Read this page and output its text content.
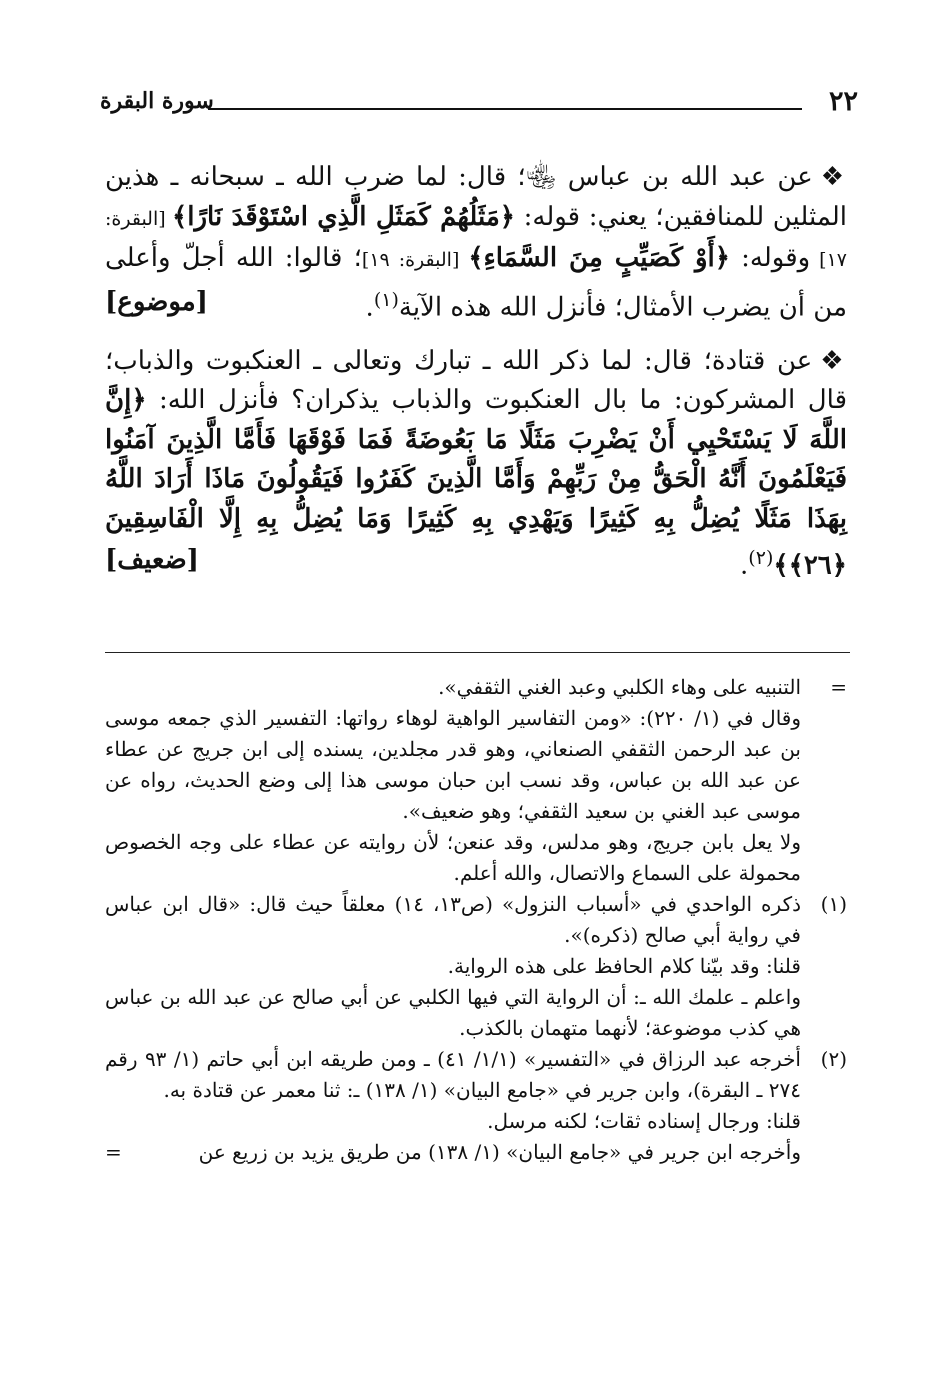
٢٢
سورة البقرة

❖عن عبد الله بن عباس ﵄؛ قال: لما ضرب الله ـ سبحانه ـ هذين المثلين للمنافقين؛ يعني: قوله: ﴿مَثَلُهُمْ كَمَثَلِ الَّذِي اسْتَوْقَدَ نَارًا﴾ [البقرة: ١٧] وقوله: ﴿أَوْ كَصَيِّبٍ مِنَ السَّمَاءِ﴾ [البقرة: ١٩]؛ قالوا: الله أجلّ وأعلى من أن يضرب الأمثال؛ فأنزل الله هذه الآية$^{(١)}$.
[موضوع]

❖عن قتادة؛ قال: لما ذكر الله ـ تبارك وتعالى ـ العنكبوت والذباب؛ قال المشركون: ما بال العنكبوت والذباب يذكران؟ فأنزل الله: ﴿إِنَّ اللَّهَ لَا يَسْتَحْيِي أَنْ يَضْرِبَ مَثَلًا مَا بَعُوضَةً فَمَا فَوْقَهَا فَأَمَّا الَّذِينَ آمَنُوا فَيَعْلَمُونَ أَنَّهُ الْحَقُّ مِنْ رَبِّهِمْ وَأَمَّا الَّذِينَ كَفَرُوا فَيَقُولُونَ مَاذَا أَرَادَ اللَّهُ بِهَذَا مَثَلًا يُضِلُّ بِهِ كَثِيرًا وَيَهْدِي بِهِ كَثِيرًا وَمَا يُضِلُّ بِهِ إِلَّا الْفَاسِقِينَ ﴿٢٦﴾﴾$^{(٢)}$.
[ضعيف]

=

التنبيه على وهاء الكلبي وعبد الغني الثقفي».

وقال في (١/ ٢٢٠): «ومن التفاسير الواهية لوهاء رواتها: التفسير الذي جمعه موسى بن عبد الرحمن الثقفي الصنعاني، وهو قدر مجلدين، يسنده إلى ابن جريج عن عطاء عن عبد الله بن عباس، وقد نسب ابن حبان موسى هذا إلى وضع الحديث، رواه عن موسى عبد الغني بن سعيد الثقفي؛ وهو ضعيف».

ولا يعل بابن جريج، وهو مدلس، وقد عنعن؛ لأن روايته عن عطاء على وجه الخصوص محمولة على السماع والاتصال، والله أعلم.

(١)

ذكره الواحدي في «أسباب النزول» (ص١٣، ١٤) معلقاً حيث قال: «قال ابن عباس في رواية أبي صالح (ذكره)».

قلنا: وقد بيّنا كلام الحافظ على هذه الرواية.

واعلم ـ علمك الله ـ: أن الرواية التي فيها الكلبي عن أبي صالح عن عبد الله بن عباس هي كذب موضوعة؛ لأنهما متهمان بالكذب.

(٢)

أخرجه عبد الرزاق في «التفسير» (١/١/ ٤١) ـ ومن طريقه ابن أبي حاتم (١/ ٩٣ رقم ٢٧٤ ـ البقرة)، وابن جرير في «جامع البيان» (١/ ١٣٨) ـ: ثنا معمر عن قتادة به.

قلنا: ورجال إسناده ثقات؛ لكنه مرسل.

=	وأخرجه ابن جرير في «جامع البيان» (١/ ١٣٨) من طريق يزيد بن زريع عن
